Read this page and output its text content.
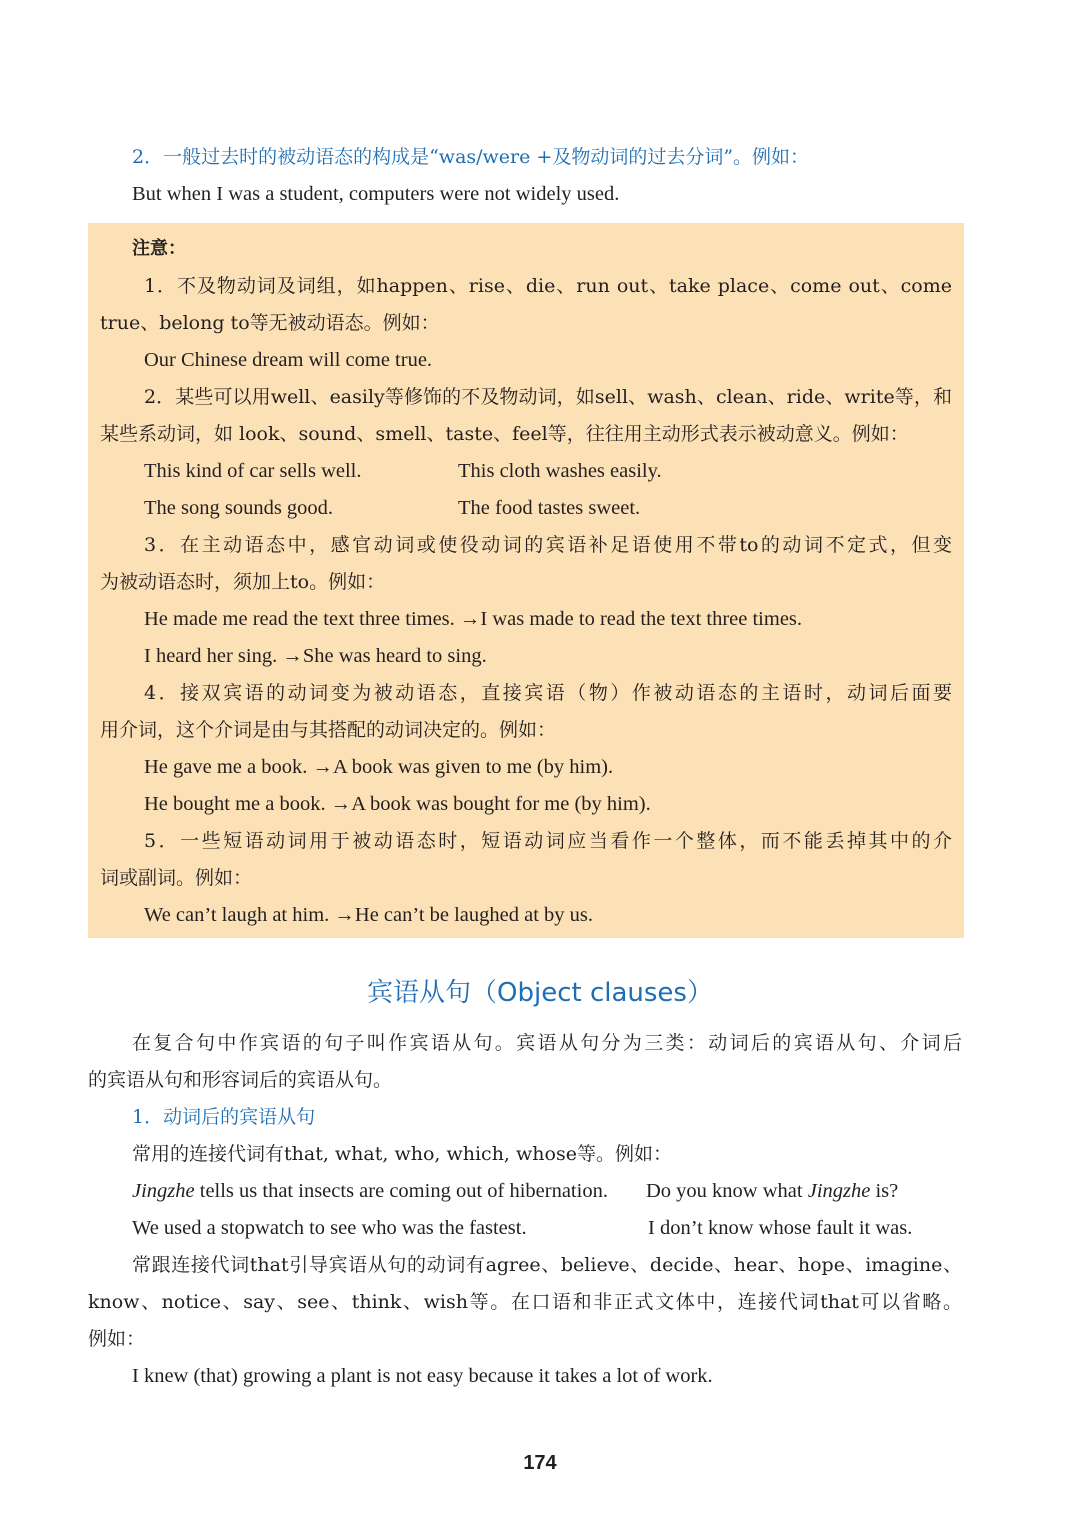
2．一般过去时的被动语态的构成是“was/were +及物动词的过去分词”。例如：
But when I was a student, computers were not widely used.
注意：
1．不及物动词及词组，如happen、rise、die、run out、take place、come out、come
true、belong to等无被动语态。例如：
Our Chinese dream will come true.
2．某些可以用well、easily等修饰的不及物动词，如sell、wash、clean、ride、write等，和
某些系动词，如 look、sound、smell、taste、feel等，往往用主动形式表示被动意义。例如：
This kind of car sells well.	This cloth washes easily.
The song sounds good.	The food tastes sweet.
3．在主动语态中，感官动词或使役动词的宾语补足语使用不带to的动词不定式，但变
为被动语态时，须加上to。例如：
He made me read the text three times. →I was made to read the text three times.
I heard her sing. →She was heard to sing.
4．接双宾语的动词变为被动语态，直接宾语（物）作被动语态的主语时，动词后面要
用介词，这个介词是由与其搭配的动词决定的。例如：
He gave me a book. →A book was given to me (by him).
He bought me a book. →A book was bought for me (by him).
5．一些短语动词用于被动语态时，短语动词应当看作一个整体，而不能丢掉其中的介
词或副词。例如：
We can’t laugh at him. →He can’t be laughed at by us.
宾语从句（Object clauses）
在复合句中作宾语的句子叫作宾语从句。宾语从句分为三类：动词后的宾语从句、介词后
的宾语从句和形容词后的宾语从句。
1．动词后的宾语从句
常用的连接代词有that, what, who, which, whose等。例如：
Jingzhe tells us that insects are coming out of hibernation. Do you know what Jingzhe is?
We used a stopwatch to see who was the fastest.	I don’t know whose fault it was.
常跟连接代词that引导宾语从句的动词有agree、believe、decide、hear、hope、imagine、
know、notice、say、see、think、wish等。在口语和非正式文体中，连接代词that可以省略。
例如：
I knew (that) growing a plant is not easy because it takes a lot of work.
174
